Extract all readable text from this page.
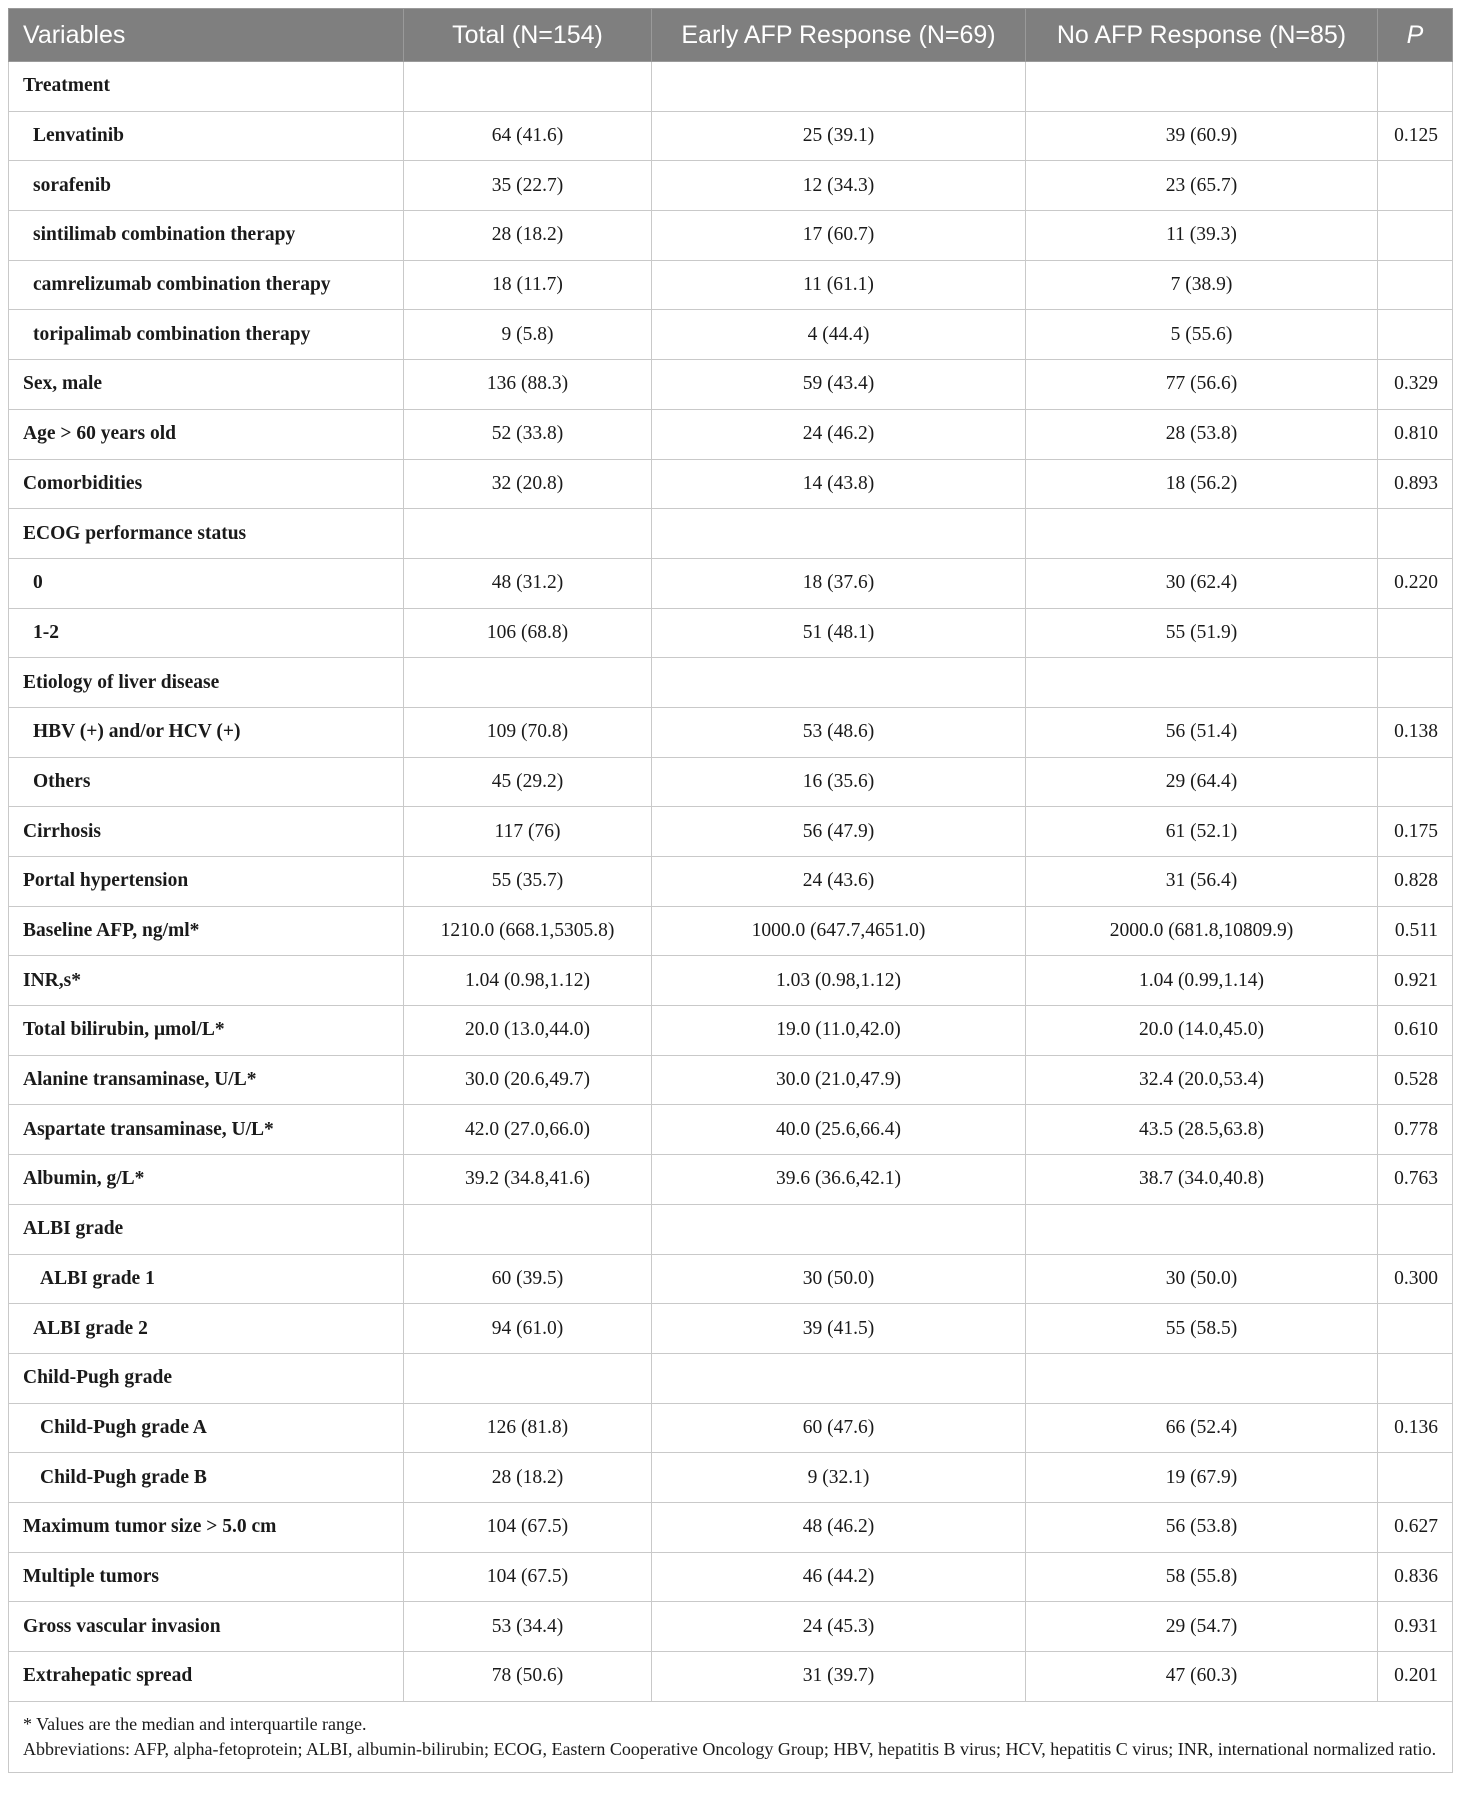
Variables	Total (N=154)	Early AFP Response (N=69)	No AFP Response (N=85)	P
Treatment				
Lenvatinib	64 (41.6)	25 (39.1)	39 (60.9)	0.125
sorafenib	35 (22.7)	12 (34.3)	23 (65.7)	
sintilimab combination therapy	28 (18.2)	17 (60.7)	11 (39.3)	
camrelizumab combination therapy	18 (11.7)	11 (61.1)	7 (38.9)	
toripalimab combination therapy	9 (5.8)	4 (44.4)	5 (55.6)	
Sex, male	136 (88.3)	59 (43.4)	77 (56.6)	0.329
Age > 60 years old	52 (33.8)	24 (46.2)	28 (53.8)	0.810
Comorbidities	32 (20.8)	14 (43.8)	18 (56.2)	0.893
ECOG performance status				
0	48 (31.2)	18 (37.6)	30 (62.4)	0.220
1-2	106 (68.8)	51 (48.1)	55 (51.9)	
Etiology of liver disease				
HBV (+) and/or HCV (+)	109 (70.8)	53 (48.6)	56 (51.4)	0.138
Others	45 (29.2)	16 (35.6)	29 (64.4)	
Cirrhosis	117 (76)	56 (47.9)	61 (52.1)	0.175
Portal hypertension	55 (35.7)	24 (43.6)	31 (56.4)	0.828
Baseline AFP, ng/ml*	1210.0 (668.1,5305.8)	1000.0 (647.7,4651.0)	2000.0 (681.8,10809.9)	0.511
INR,s*	1.04 (0.98,1.12)	1.03 (0.98,1.12)	1.04 (0.99,1.14)	0.921
Total bilirubin, μmol/L*	20.0 (13.0,44.0)	19.0 (11.0,42.0)	20.0 (14.0,45.0)	0.610
Alanine transaminase, U/L*	30.0 (20.6,49.7)	30.0 (21.0,47.9)	32.4 (20.0,53.4)	0.528
Aspartate transaminase, U/L*	42.0 (27.0,66.0)	40.0 (25.6,66.4)	43.5 (28.5,63.8)	0.778
Albumin, g/L*	39.2 (34.8,41.6)	39.6 (36.6,42.1)	38.7 (34.0,40.8)	0.763
ALBI grade				
ALBI grade 1	60 (39.5)	30 (50.0)	30 (50.0)	0.300
ALBI grade 2	94 (61.0)	39 (41.5)	55 (58.5)	
Child-Pugh grade				
Child-Pugh grade A	126 (81.8)	60 (47.6)	66 (52.4)	0.136
Child-Pugh grade B	28 (18.2)	9 (32.1)	19 (67.9)	
Maximum tumor size > 5.0 cm	104 (67.5)	48 (46.2)	56 (53.8)	0.627
Multiple tumors	104 (67.5)	46 (44.2)	58 (55.8)	0.836
Gross vascular invasion	53 (34.4)	24 (45.3)	29 (54.7)	0.931
Extrahepatic spread	78 (50.6)	31 (39.7)	47 (60.3)	0.201

* Values are the median and interquartile range.
Abbreviations: AFP, alpha-fetoprotein; ALBI, albumin-bilirubin; ECOG, Eastern Cooperative Oncology Group; HBV, hepatitis B virus; HCV, hepatitis C virus; INR, international normalized ratio.				
